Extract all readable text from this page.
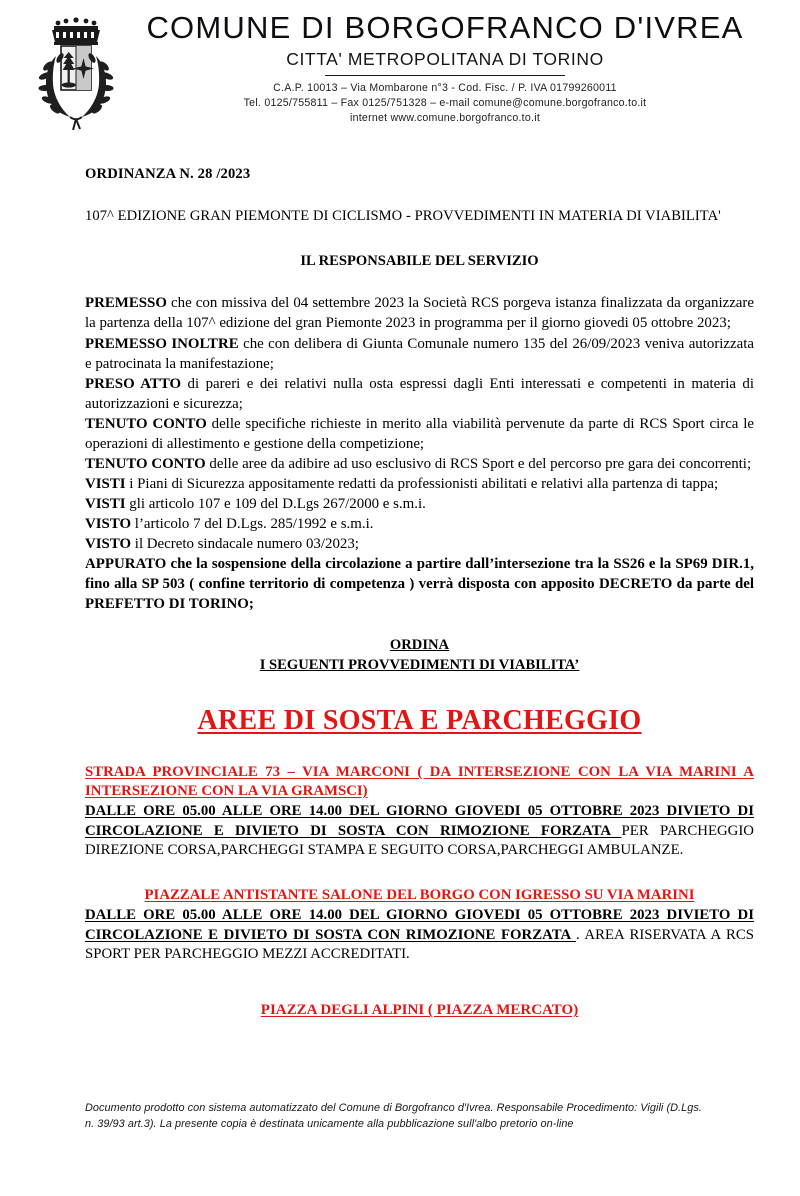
COMUNE DI BORGOFRANCO D'IVREA
CITTA' METROPOLITANA DI TORINO
C.A.P. 10013 – Via Mombarone n°3 - Cod. Fisc. / P. IVA 01799260011
Tel. 0125/755811 – Fax 0125/751328 – e-mail comune@comune.borgofranco.to.it
internet www.comune.borgofranco.to.it
ORDINANZA N. 28 /2023
107^ EDIZIONE GRAN PIEMONTE DI CICLISMO - PROVVEDIMENTI IN MATERIA DI VIABILITA'
IL RESPONSABILE DEL SERVIZIO

PREMESSO che con missiva del 04 settembre 2023 la Società RCS porgeva istanza finalizzata da organizzare la partenza della 107^ edizione del gran Piemonte 2023 in programma per il giorno giovedi 05 ottobre 2023;

PREMESSO INOLTRE che con delibera di Giunta Comunale numero 135 del 26/09/2023 veniva autorizzata e patrocinata la manifestazione;

PRESO ATTO di pareri e dei relativi nulla osta espressi dagli Enti interessati e competenti in materia di autorizzazioni e sicurezza;

TENUTO CONTO delle specifiche richieste in merito alla viabilità pervenute da parte di RCS Sport circa le operazioni di allestimento e gestione della competizione;

TENUTO CONTO delle aree da adibire ad uso esclusivo di RCS Sport e del percorso pre gara dei concorrenti;

VISTI i Piani di Sicurezza appositamente redatti da professionisti abilitati e relativi alla partenza di tappa;

VISTI gli articolo 107 e 109 del D.Lgs 267/2000 e s.m.i.

VISTO l’articolo 7 del D.Lgs. 285/1992 e s.m.i.

VISTO il Decreto sindacale numero 03/2023;

APPURATO che la sospensione della circolazione a partire dall’intersezione tra la SS26 e la SP69 DIR.1, fino alla SP 503 ( confine territorio di competenza ) verrà disposta con apposito DECRETO da parte del PREFETTO DI TORINO;

ORDINA
I SEGUENTI PROVVEDIMENTI DI VIABILITA’
AREE DI SOSTA E PARCHEGGIO
STRADA PROVINCIALE 73 – VIA MARCONI ( DA INTERSEZIONE CON LA VIA MARINI A INTERSEZIONE CON LA VIA GRAMSCI)
DALLE ORE 05.00 ALLE ORE 14.00 DEL GIORNO GIOVEDI 05 OTTOBRE 2023 DIVIETO DI CIRCOLAZIONE E DIVIETO DI SOSTA CON RIMOZIONE FORZATA PER PARCHEGGIO DIREZIONE CORSA,PARCHEGGI STAMPA E SEGUITO CORSA,PARCHEGGI AMBULANZE.
PIAZZALE ANTISTANTE SALONE DEL BORGO CON IGRESSO SU VIA MARINI
DALLE ORE 05.00 ALLE ORE 14.00 DEL GIORNO GIOVEDI 05 OTTOBRE 2023 DIVIETO DI CIRCOLAZIONE E DIVIETO DI SOSTA CON RIMOZIONE FORZATA . AREA RISERVATA A RCS SPORT PER PARCHEGGIO MEZZI ACCREDITATI.
PIAZZA DEGLI ALPINI ( PIAZZA MERCATO)
Documento prodotto con sistema automatizzato del Comune di Borgofranco d'Ivrea. Responsabile Procedimento: Vigili (D.Lgs.
n. 39/93 art.3). La presente copia è destinata unicamente alla pubblicazione sull'albo pretorio on-line
